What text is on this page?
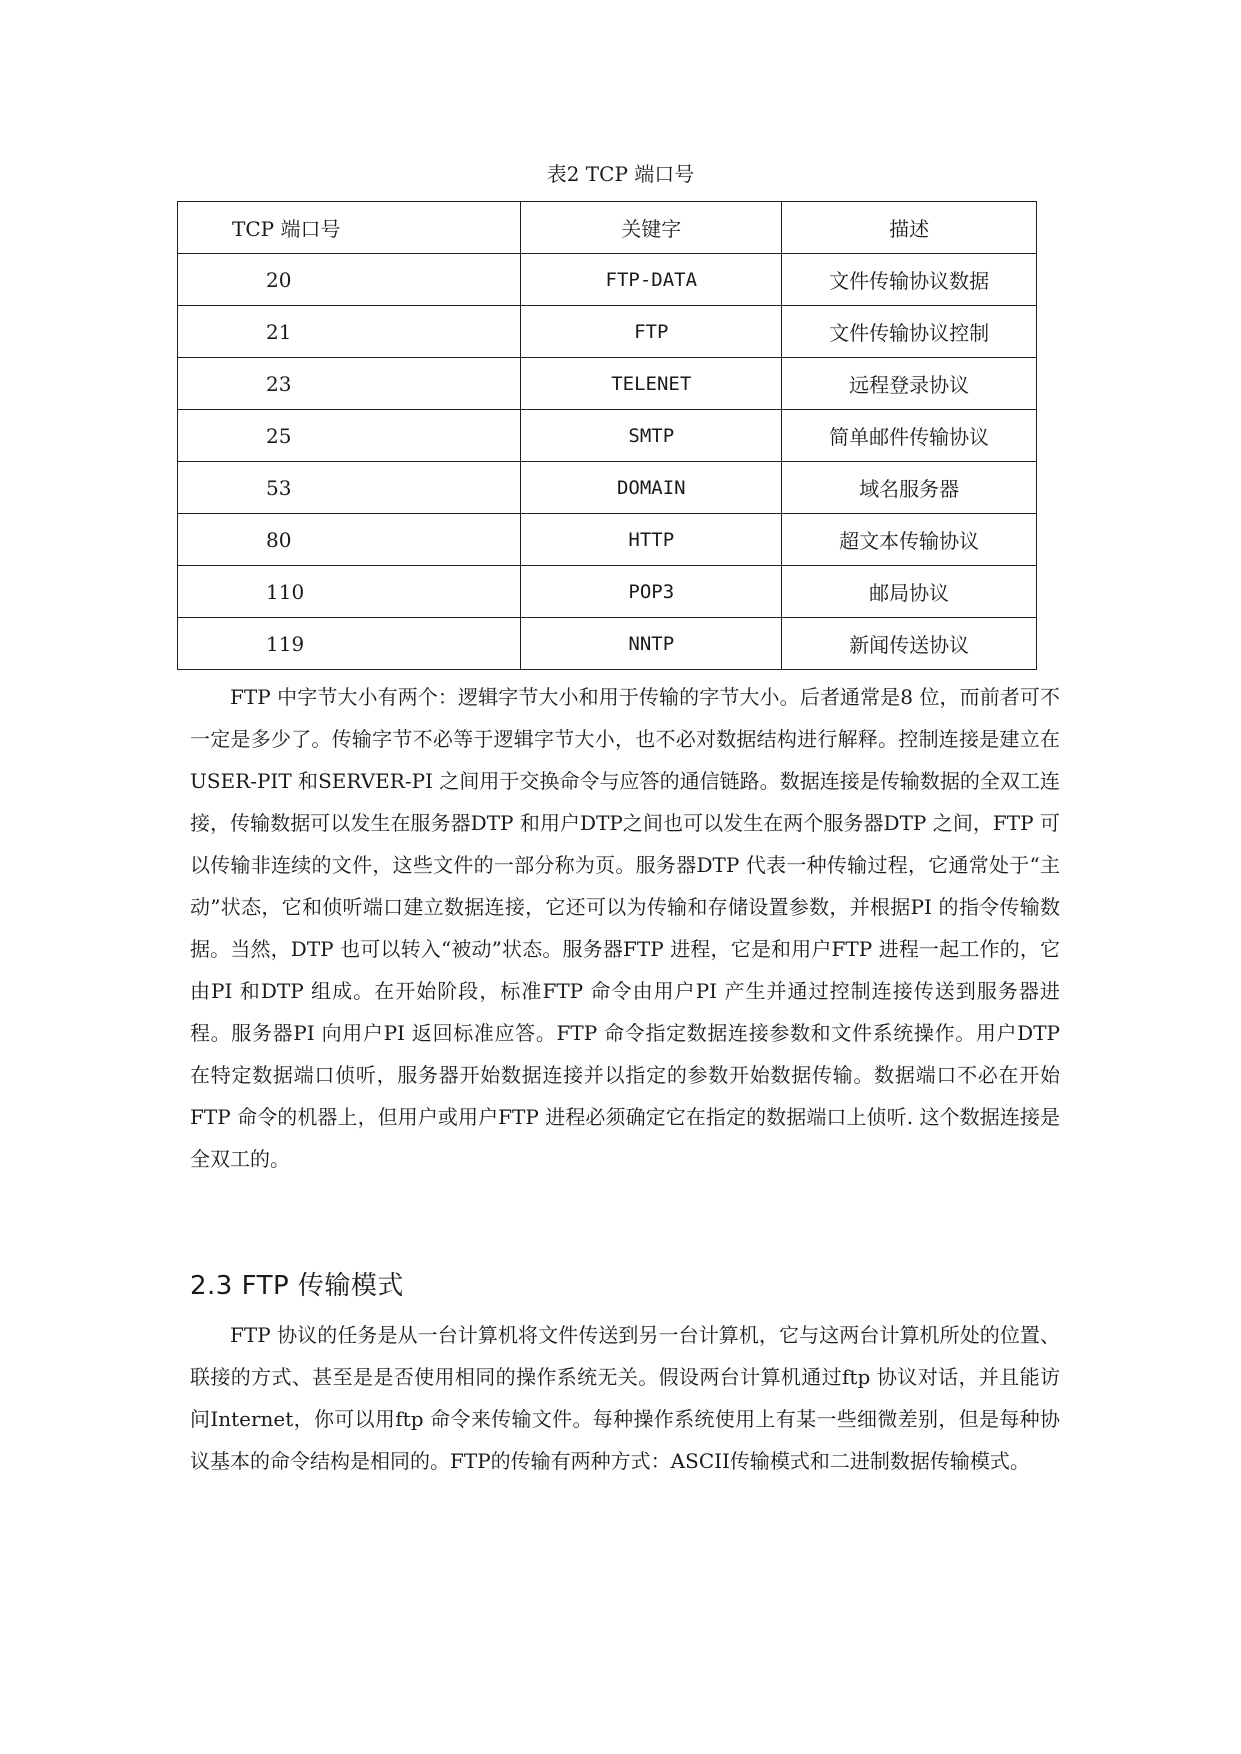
表2 TCP 端口号
TCP 端口号	关键字	描述
20	FTP-DATA	文件传输协议数据
21	FTP	文件传输协议控制
23	TELENET	远程登录协议
25	SMTP	简单邮件传输协议
53	DOMAIN	域名服务器
80	HTTP	超文本传输协议
110	POP3	邮局协议
119	NNTP	新闻传送协议

FTP 中字节大小有两个：逻辑字节大小和用于传输的字节大小。后者通常是8 位，而前者可不一定是多少了。传输字节不必等于逻辑字节大小，也不必对数据结构进行解释。控制连接是建立在USER-PIT 和SERVER-PI 之间用于交换命令与应答的通信链路。数据连接是传输数据的全双工连接，传输数据可以发生在服务器DTP 和用户DTP之间也可以发生在两个服务器DTP 之间，FTP 可以传输非连续的文件，这些文件的一部分称为页。服务器DTP 代表一种传输过程，它通常处于“主动”状态，它和侦听端口建立数据连接，它还可以为传输和存储设置参数，并根据PI 的指令传输数据。当然，DTP 也可以转入“被动”状态。服务器FTP 进程，它是和用户FTP 进程一起工作的，它由PI 和DTP 组成。在开始阶段，标准FTP 命令由用户PI 产生并通过控制连接传送到服务器进程。服务器PI 向用户PI 返回标准应答。FTP 命令指定数据连接参数和文件系统操作。用户DTP 在特定数据端口侦听，服务器开始数据连接并以指定的参数开始数据传输。数据端口不必在开始FTP 命令的机器上，但用户或用户FTP 进程必须确定它在指定的数据端口上侦听. 这个数据连接是全双工的。

2.3 FTP 传输模式

FTP 协议的任务是从一台计算机将文件传送到另一台计算机，它与这两台计算机所处的位置、联接的方式、甚至是是否使用相同的操作系统无关。假设两台计算机通过ftp 协议对话，并且能访问Internet，你可以用ftp 命令来传输文件。每种操作系统使用上有某一些细微差别，但是每种协议基本的命令结构是相同的。FTP的传输有两种方式：ASCII传输模式和二进制数据传输模式。
